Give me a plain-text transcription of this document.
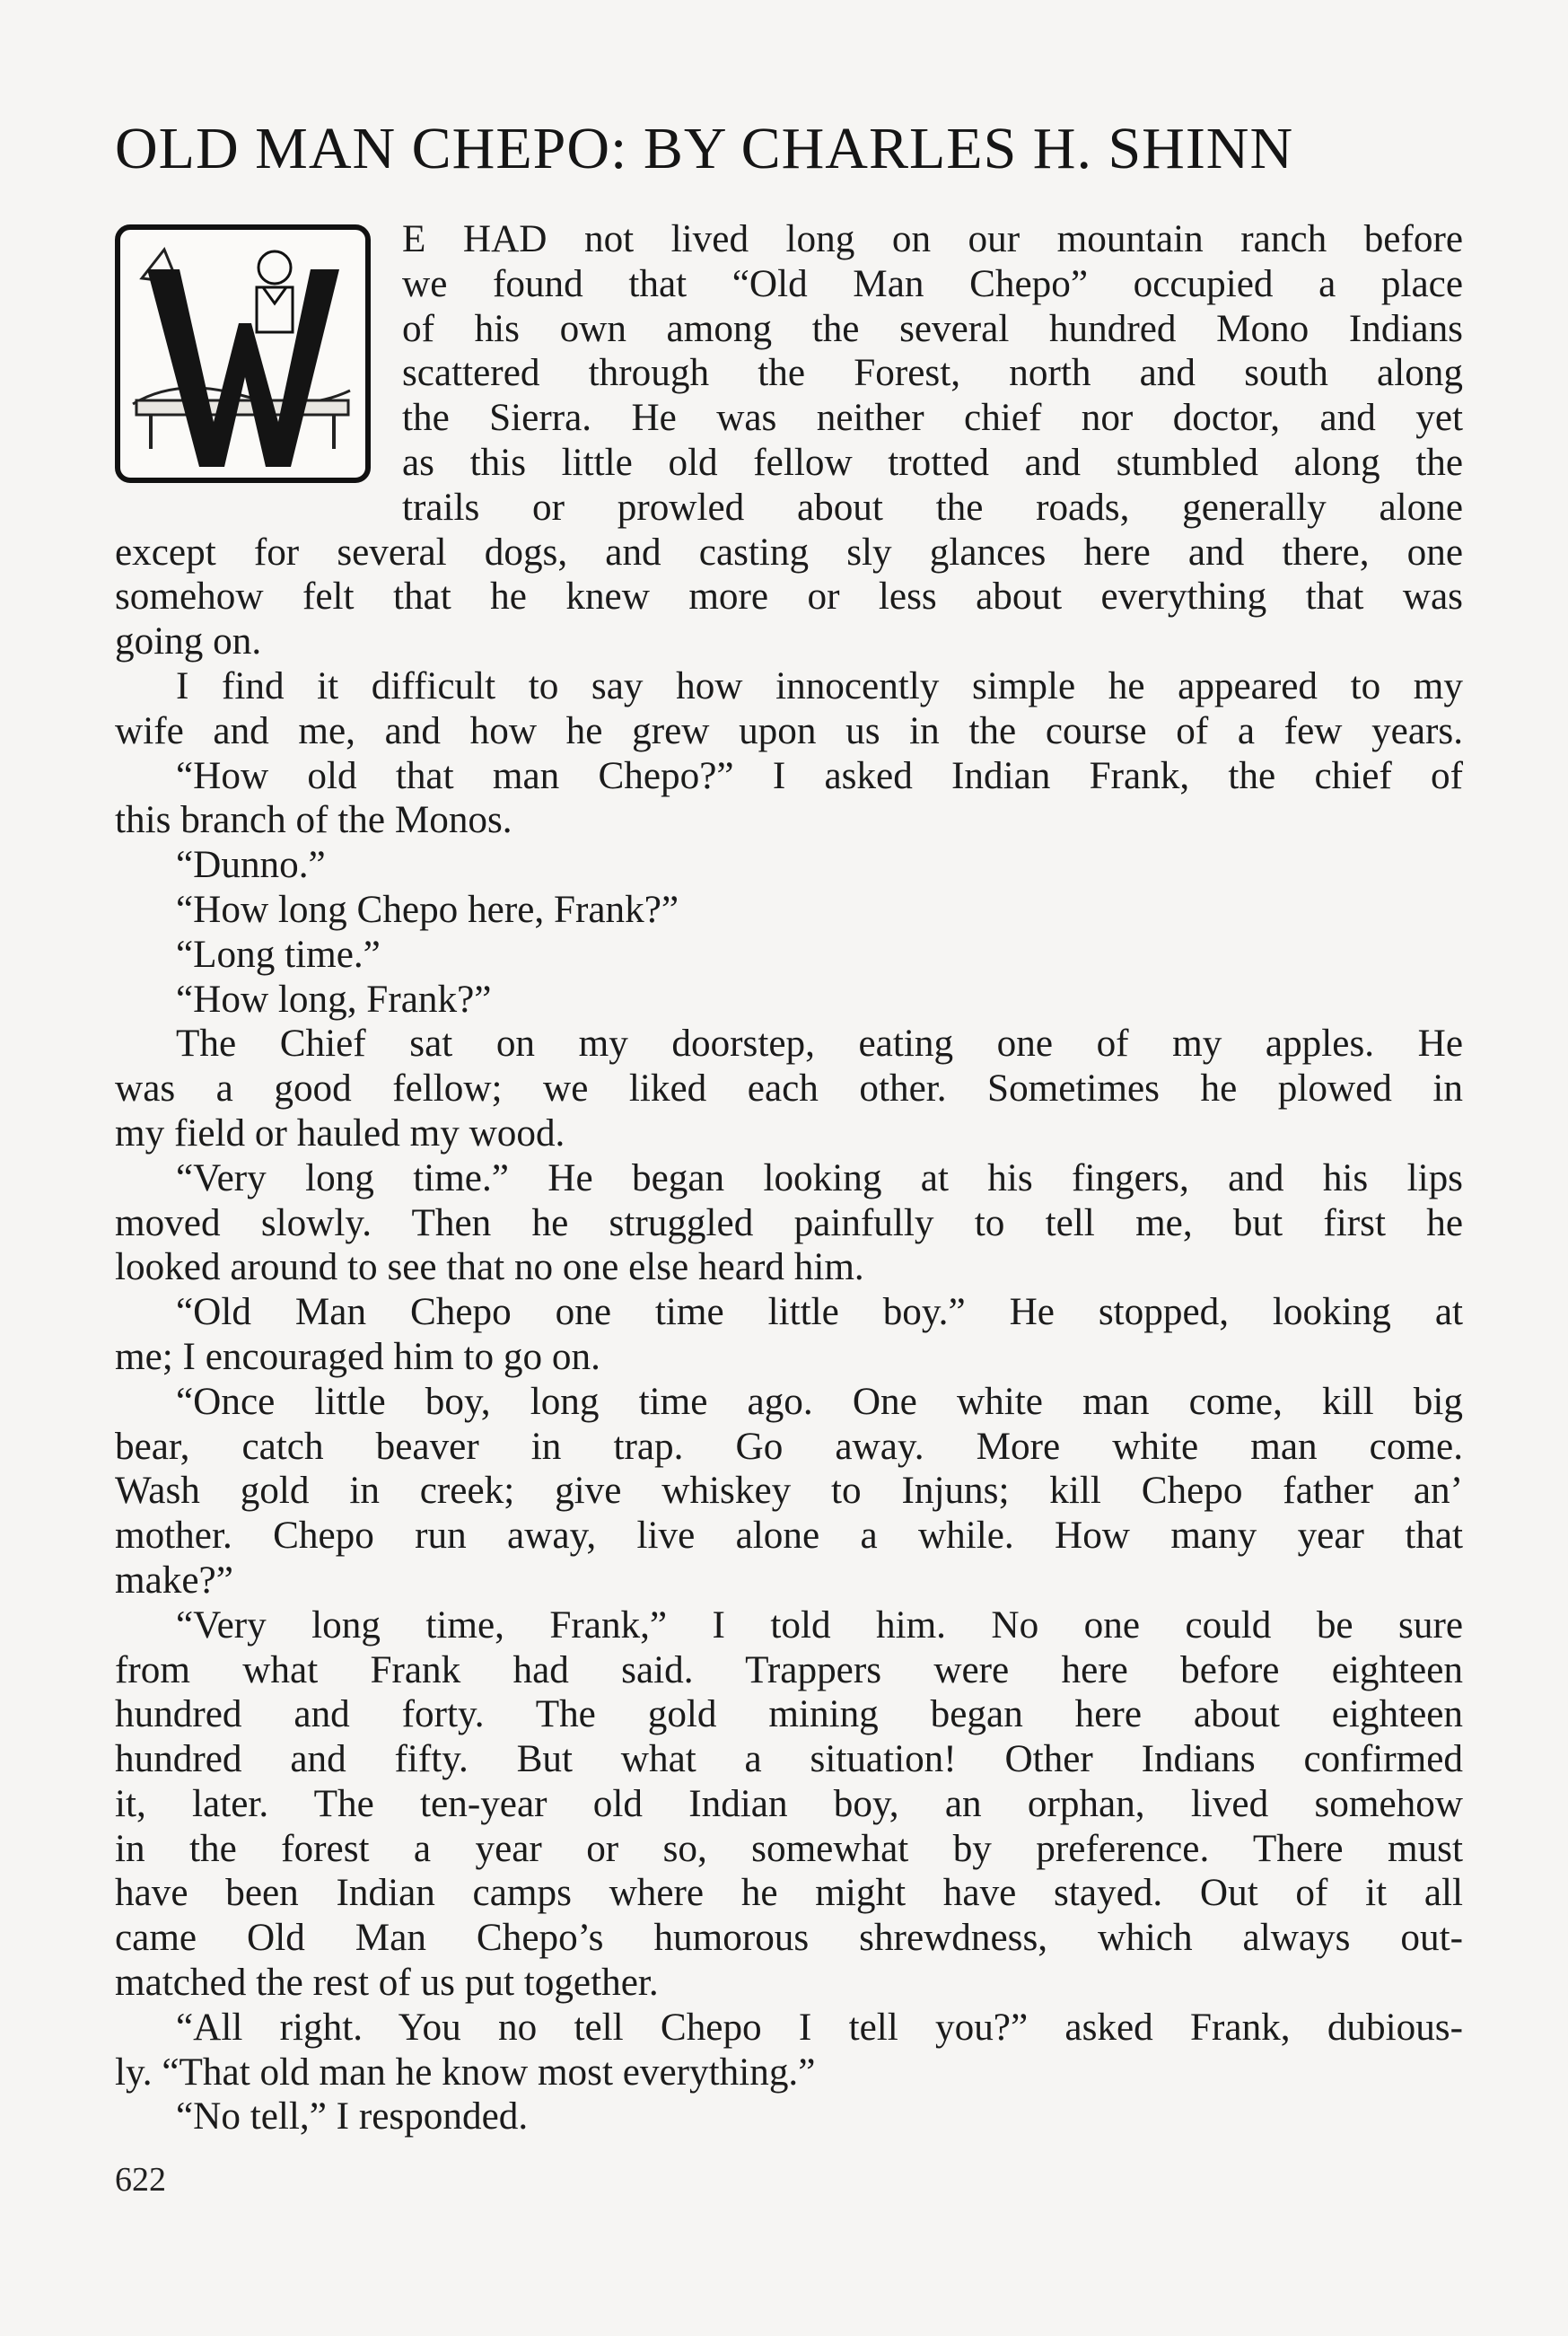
OLD MAN CHEPO: BY CHARLES H. SHINN
E HAD not lived long on our mountain ranch before
we found that “Old Man Chepo” occupied a place
of his own among the several hundred Mono Indians
scattered through the Forest, north and south along
the Sierra. He was neither chief nor doctor, and yet
as this little old fellow trotted and stumbled along the
trails or prowled about the roads, generally alone
except for several dogs, and casting sly glances here and there, one
somehow felt that he knew more or less about everything that was
going on.
I find it difficult to say how innocently simple he appeared to my
wife and me, and how he grew upon us in the course of a few years.
“How old that man Chepo?” I asked Indian Frank, the chief of
this branch of the Monos.
“Dunno.”
“How long Chepo here, Frank?”
“Long time.”
“How long, Frank?”
The Chief sat on my doorstep, eating one of my apples. He
was a good fellow; we liked each other. Sometimes he plowed in
my field or hauled my wood.
“Very long time.” He began looking at his fingers, and his lips
moved slowly. Then he struggled painfully to tell me, but first he
looked around to see that no one else heard him.
“Old Man Chepo one time little boy.” He stopped, looking at
me; I encouraged him to go on.
“Once little boy, long time ago. One white man come, kill big
bear, catch beaver in trap. Go away. More white man come.
Wash gold in creek; give whiskey to Injuns; kill Chepo father an’
mother. Chepo run away, live alone a while. How many year that
make?”
“Very long time, Frank,” I told him. No one could be sure
from what Frank had said. Trappers were here before eighteen
hundred and forty. The gold mining began here about eighteen
hundred and fifty. But what a situation! Other Indians confirmed
it, later. The ten-year old Indian boy, an orphan, lived somehow
in the forest a year or so, somewhat by preference. There must
have been Indian camps where he might have stayed. Out of it all
came Old Man Chepo’s humorous shrewdness, which always out-
matched the rest of us put together.
“All right. You no tell Chepo I tell you?” asked Frank, dubious-
ly. “That old man he know most everything.”
“No tell,” I responded.
622
